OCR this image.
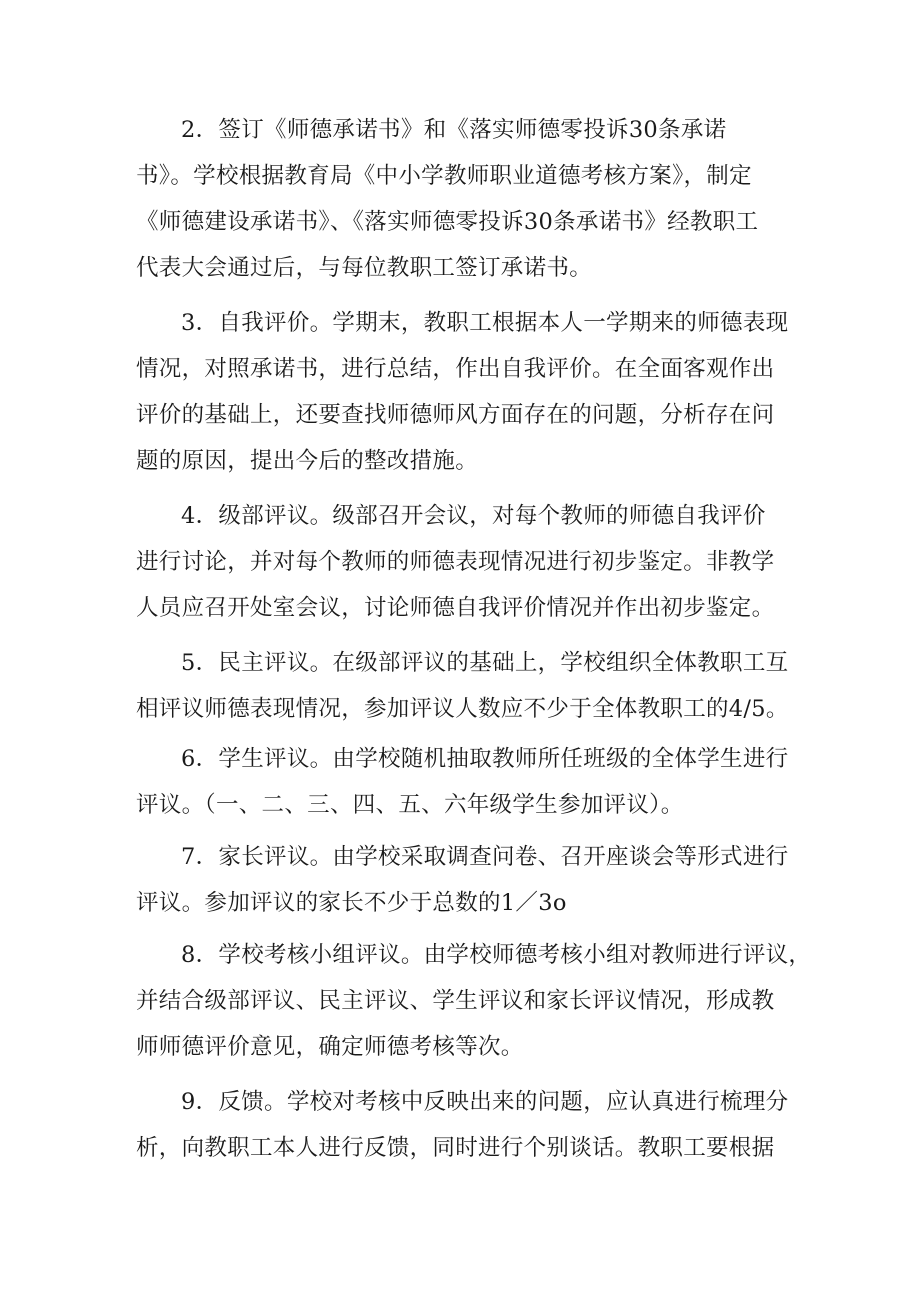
2．签订《师德承诺书》和《落实师德零投诉30条承诺
书》。学校根据教育局《中小学教师职业道德考核方案》，制定
《师德建设承诺书》、《落实师德零投诉30条承诺书》经教职工
代表大会通过后，与每位教职工签订承诺书。
3．自我评价。学期末，教职工根据本人一学期来的师德表现
情况，对照承诺书，进行总结，作出自我评价。在全面客观作出
评价的基础上，还要查找师德师风方面存在的问题，分析存在问
题的原因，提出今后的整改措施。
4．级部评议。级部召开会议，对每个教师的师德自我评价
进行讨论，并对每个教师的师德表现情况进行初步鉴定。非教学
人员应召开处室会议，讨论师德自我评价情况并作出初步鉴定。
5．民主评议。在级部评议的基础上，学校组织全体教职工互
相评议师德表现情况，参加评议人数应不少于全体教职工的4/5。
6．学生评议。由学校随机抽取教师所任班级的全体学生进行
评议。（一、二、三、四、五、六年级学生参加评议）。
7．家长评议。由学校采取调查问卷、召开座谈会等形式进行
评议。参加评议的家长不少于总数的1／3o
8．学校考核小组评议。由学校师德考核小组对教师进行评议，
并结合级部评议、民主评议、学生评议和家长评议情况，形成教
师师德评价意见，确定师德考核等次。
9．反馈。学校对考核中反映出来的问题，应认真进行梳理分
析，向教职工本人进行反馈，同时进行个别谈话。教职工要根据
